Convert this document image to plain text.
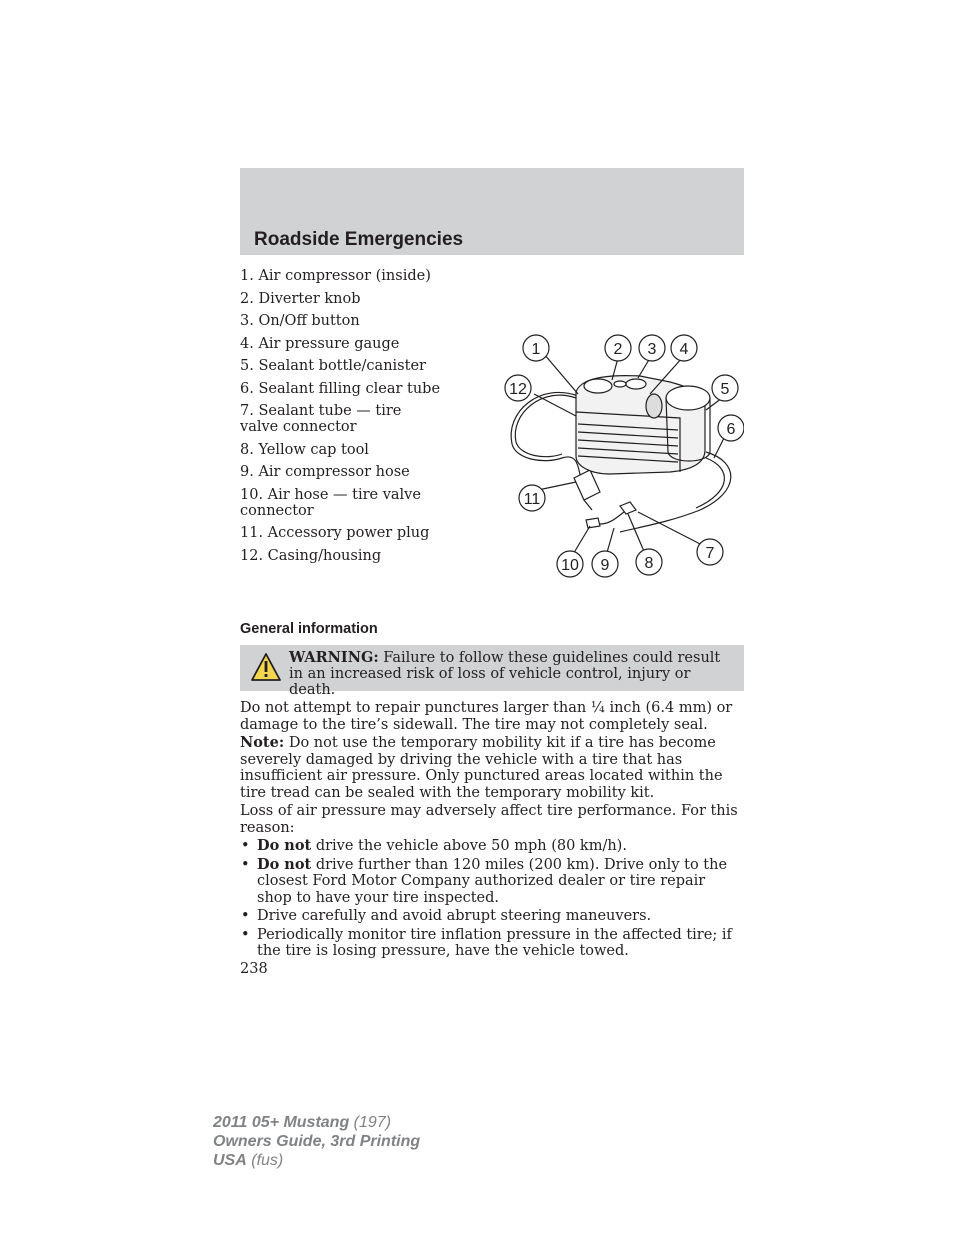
Roadside Emergencies
1. Air compressor (inside)
2. Diverter knob
3. On/Off button
4. Air pressure gauge
5. Sealant bottle/canister
6. Sealant filling clear tube
7. Sealant tube — tire valve connector
8. Yellow cap tool
9. Air compressor hose
10. Air hose — tire valve connector
11. Accessory power plug
12. Casing/housing
1	2 3 4
5
6
7
8
9
10
11
12
General information
WARNING: Failure to follow these guidelines could result in an increased risk of loss of vehicle control, injury or death.

Do not attempt to repair punctures larger than ¼ inch (6.4 mm) or damage to the tire’s sidewall. The tire may not completely seal.

Note: Do not use the temporary mobility kit if a tire has become severely damaged by driving the vehicle with a tire that has insufficient air pressure. Only punctured areas located within the tire tread can be sealed with the temporary mobility kit.

Loss of air pressure may adversely affect tire performance. For this reason:

• Do not drive the vehicle above 50 mph (80 km/h).
• Do not drive further than 120 miles (200 km). Drive only to the closest Ford Motor Company authorized dealer or tire repair shop to have your tire inspected.
• Drive carefully and avoid abrupt steering maneuvers.
• Periodically monitor tire inflation pressure in the affected tire; if the tire is losing pressure, have the vehicle towed.
238
2011 05+ Mustang (197)
Owners Guide, 3rd Printing
USA (fus)
